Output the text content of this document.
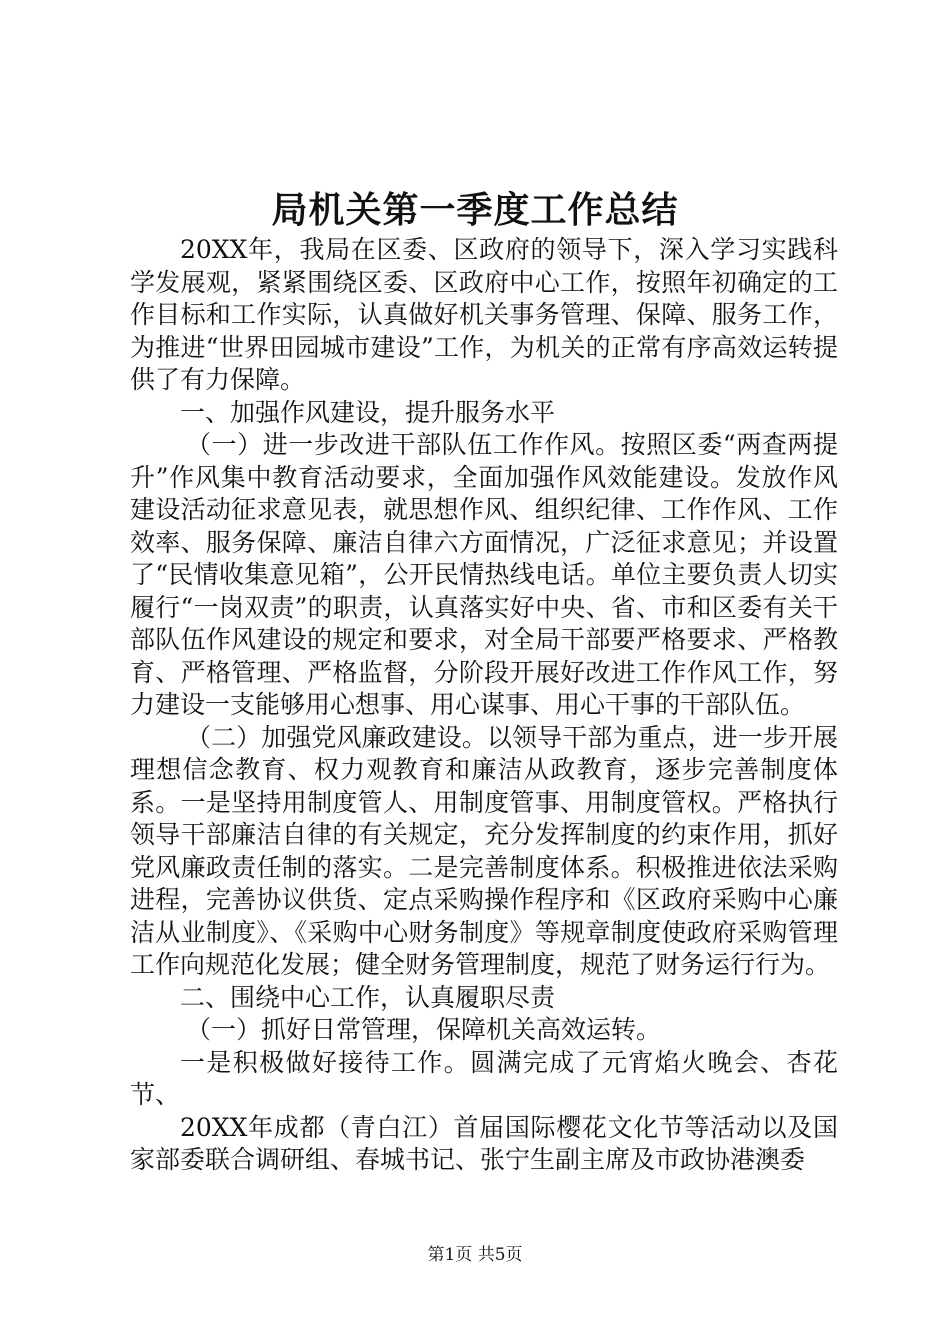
局机关第一季度工作总结

20XX年，我局在区委、区政府的领导下，深入学习实践科学发展观，紧紧围绕区委、区政府中心工作，按照年初确定的工作目标和工作实际，认真做好机关事务管理、保障、服务工作，为推进“世界田园城市建设”工作，为机关的正常有序高效运转提供了有力保障。

一、加强作风建设，提升服务水平

（一）进一步改进干部队伍工作作风。按照区委“两查两提升”作风集中教育活动要求，全面加强作风效能建设。发放作风建设活动征求意见表，就思想作风、组织纪律、工作作风、工作效率、服务保障、廉洁自律六方面情况，广泛征求意见；并设置了“民情收集意见箱”，公开民情热线电话。单位主要负责人切实履行“一岗双责”的职责，认真落实好中央、省、市和区委有关干部队伍作风建设的规定和要求，对全局干部要严格要求、严格教育、严格管理、严格监督，分阶段开展好改进工作作风工作，努力建设一支能够用心想事、用心谋事、用心干事的干部队伍。

（二）加强党风廉政建设。以领导干部为重点，进一步开展理想信念教育、权力观教育和廉洁从政教育，逐步完善制度体系。一是坚持用制度管人、用制度管事、用制度管权。严格执行领导干部廉洁自律的有关规定，充分发挥制度的约束作用，抓好党风廉政责任制的落实。二是完善制度体系。积极推进依法采购进程，完善协议供货、定点采购操作程序和《区政府采购中心廉洁从业制度》、《采购中心财务制度》等规章制度使政府采购管理工作向规范化发展；健全财务管理制度，规范了财务运行行为。

二、围绕中心工作，认真履职尽责

（一）抓好日常管理，保障机关高效运转。

一是积极做好接待工作。圆满完成了元宵焰火晚会、杏花节、

20XX年成都（青白江）首届国际樱花文化节等活动以及国家部委联合调研组、春城书记、张宁生副主席及市政协港澳委

第1页 共5页
